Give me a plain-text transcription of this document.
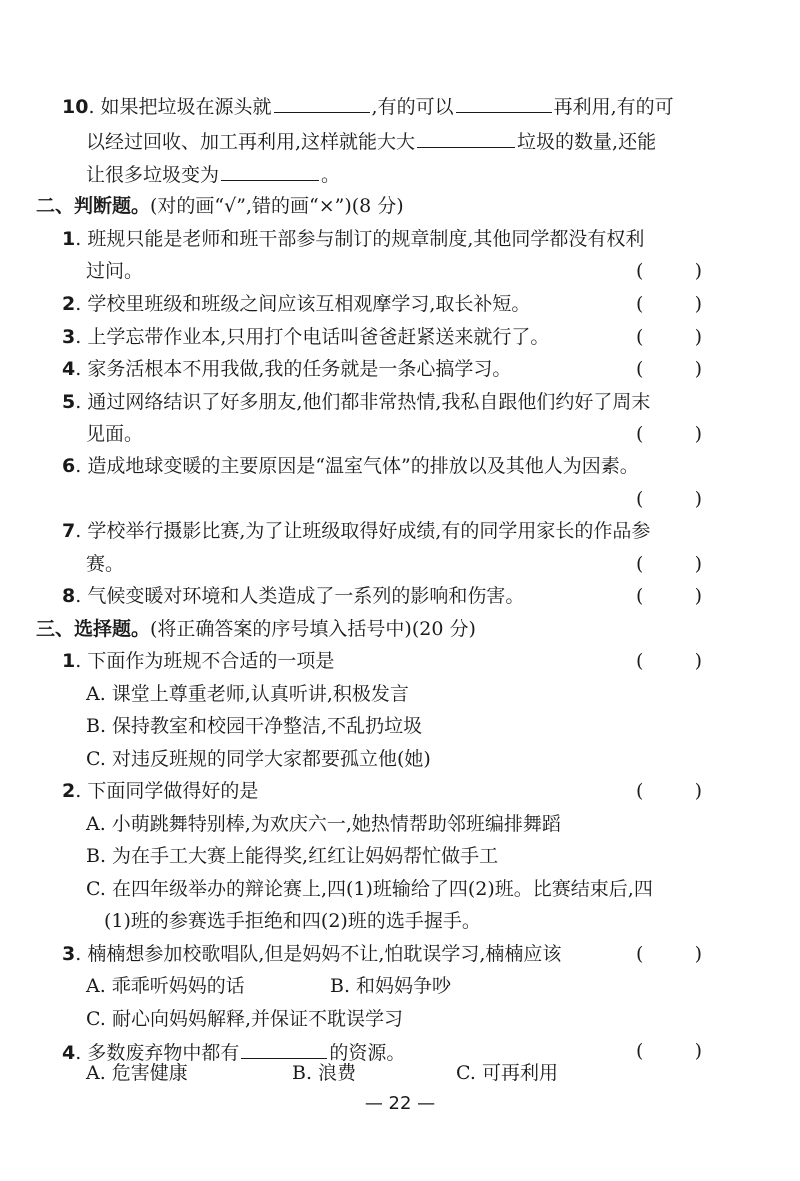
10. 如果把垃圾在源头就	,有的可以	再利用,有的可
以经过回收、加工再利用,这样就能大大	垃圾的数量,还能
让很多垃圾变为	。
二、判断题。(对的画“√”,错的画“×”)(8 分)
1. 班规只能是老师和班干部参与制订的规章制度,其他同学都没有权利
过问。	(	)
2. 学校里班级和班级之间应该互相观摩学习,取长补短。	(	)
3. 上学忘带作业本,只用打个电话叫爸爸赶紧送来就行了。	(	)
4. 家务活根本不用我做,我的任务就是一条心搞学习。	(	)
5. 通过网络结识了好多朋友,他们都非常热情,我私自跟他们约好了周末
见面。	(	)
6. 造成地球变暖的主要原因是“温室气体”的排放以及其他人为因素。
(	)
7. 学校举行摄影比赛,为了让班级取得好成绩,有的同学用家长的作品参
赛。	(	)
8. 气候变暖对环境和人类造成了一系列的影响和伤害。	(	)
三、选择题。(将正确答案的序号填入括号中)(20 分)
1. 下面作为班规不合适的一项是	(	)
A. 课堂上尊重老师,认真听讲,积极发言
B. 保持教室和校园干净整洁,不乱扔垃圾
C. 对违反班规的同学大家都要孤立他(她)
2. 下面同学做得好的是	(	)
A. 小萌跳舞特别棒,为欢庆六一,她热情帮助邻班编排舞蹈
B. 为在手工大赛上能得奖,红红让妈妈帮忙做手工
C. 在四年级举办的辩论赛上,四(1)班输给了四(2)班。比赛结束后,四
(1)班的参赛选手拒绝和四(2)班的选手握手。
3. 楠楠想参加校歌唱队,但是妈妈不让,怕耽误学习,楠楠应该	(	)
A. 乖乖听妈妈的话	B. 和妈妈争吵
C. 耐心向妈妈解释,并保证不耽误学习
4. 多数废弃物中都有	的资源。	(	)
A. 危害健康	B. 浪费	C. 可再利用
— 22 —
